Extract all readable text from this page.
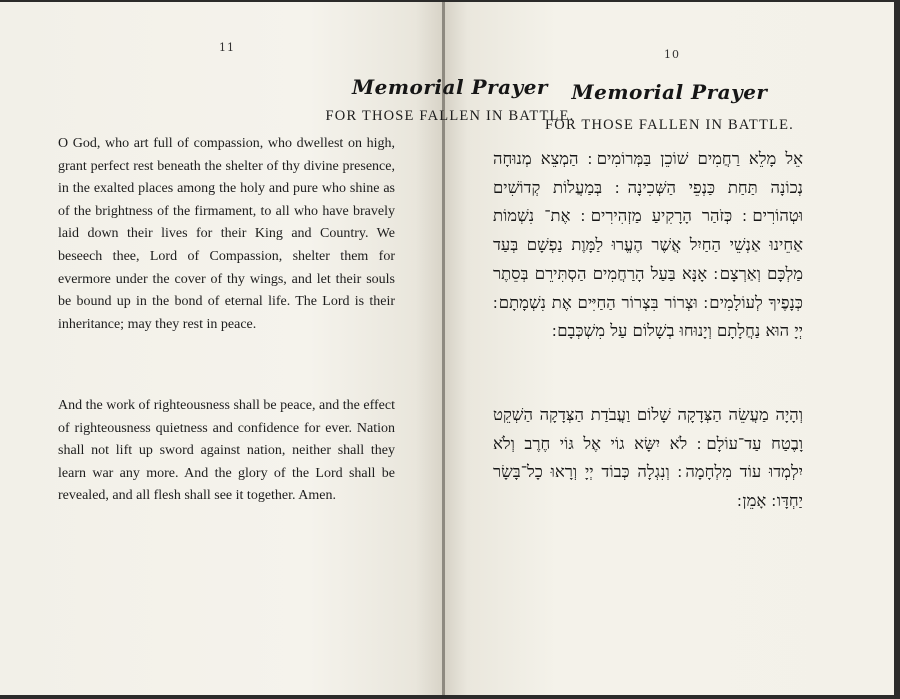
11
Memorial Prayer
FOR THOSE FALLEN IN BATTLE.

O God, who art full of compassion, who dwellest on high, grant perfect rest beneath the shelter of thy divine presence, in the exalted places among the holy and pure who shine as of the brightness of the firmament, to all who have bravely laid down their lives for their King and Country. We beseech thee, Lord of Compassion, shelter them for evermore under the cover of thy wings, and let their souls be bound up in the bond of eternal life. The Lord is their inheritance; may they rest in peace.

And the work of righteousness shall be peace, and the effect of righteousness quietness and confidence for ever. Nation shall not lift up sword against nation, neither shall they learn war any more. And the glory of the Lord shall be revealed, and all flesh shall see it together. Amen.

10
Memorial Prayer
FOR THOSE FALLEN IN BATTLE.

אֵל מָלֵא רַחֲמִים שׁוֹכֵן בַּמְּרוֹמִים ׃ הַמְצֵא מְנוּחָה נְכוֹנָה תַּחַת כַּנְפֵי הַשְּׁכִינָה ׃ בְּמַעֲלוֹת קְדוֹשִׁים וּטְהוֹרִים ׃ כְּזֹהַר הָרָקִיעַ מַזְהִירִים ׃ אֶת־ נִשְׁמוֹת אַחֵינוּ אַנְשֵׁי הַחַיִל אֲשֶׁר הֶעֱרוּ לַמָּוֶת נַפְשָׁם בְּעַד מַלְכָּם וְאַרְצָם ׃ אָנָּא בַּעַל הָרַחֲמִים הַסְתִּירֵם בְּסֵתֶר כְּנָפֶיךָ לְעוֹלָמִים ׃ וּצְרוֹר בִּצְרוֹר הַחַיִּים אֶת נִשְׁמָתָם ׃ יְיָ הוּא נַחֲלָתָם וְיָנוּחוּ בְשָׁלוֹם עַל מִשְׁכְּבָם ׃

וְהָיָה מַעֲשֵׂה הַצְּדָקָה שָׁלוֹם וַעֲבֹדַת הַצְּדָקָה הַשְׁקֵט וָבֶטַח עַד־עוֹלָם ׃ לֹא יִשָּׂא גוֹי אֶל גּוֹי חֶרֶב וְלֹא יִלְמְדוּ עוֹד מִלְחָמָה ׃ וְנִגְלָה כְּבוֹד יְיָ וְרָאוּ כָל־בָּשָׂר יַחְדָּו ׃ אָמֵן ׃
